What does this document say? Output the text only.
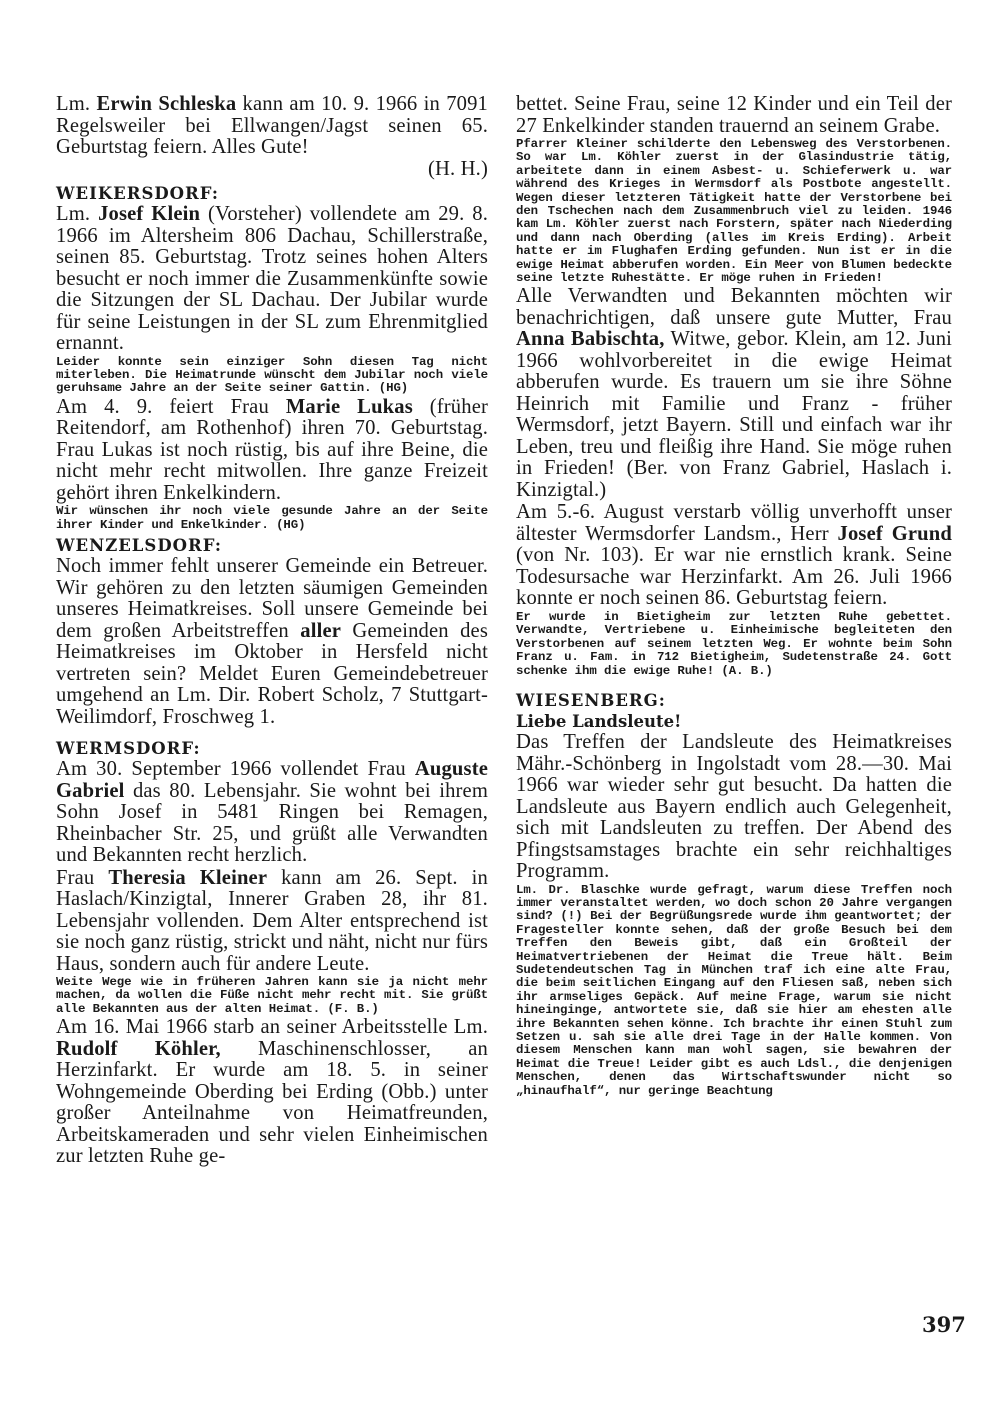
Lm. Erwin Schleska kann am 10. 9. 1966 in 7091 Regelsweiler bei Ellwangen/Jagst seinen 65. Geburtstag feiern. Alles Gute!
(H. H.)

WEIKERSDORF:

Lm. Josef Klein (Vorsteher) vollendete am 29. 8. 1966 im Altersheim 806 Dachau, Schillerstraße, seinen 85. Geburtstag. Trotz seines hohen Alters besucht er noch immer die Zusammenkünfte sowie die Sitzungen der SL Dachau. Der Jubilar wurde für seine Leistungen in der SL zum Ehrenmitglied ernannt.

Leider konnte sein einziger Sohn diesen Tag nicht miterleben. Die Heimatrunde wünscht dem Jubilar noch viele geruhsame Jahre an der Seite seiner Gattin. (HG)

Am 4. 9. feiert Frau Marie Lukas (früher Reitendorf, am Rothenhof) ihren 70. Geburtstag. Frau Lukas ist noch rüstig, bis auf ihre Beine, die nicht mehr recht mitwollen. Ihre ganze Freizeit gehört ihren Enkelkindern.

Wir wünschen ihr noch viele gesunde Jahre an der Seite ihrer Kinder und Enkelkinder. (HG)

WENZELSDORF:

Noch immer fehlt unserer Gemeinde ein Betreuer. Wir gehören zu den letzten säumigen Gemeinden unseres Heimatkreises. Soll unsere Gemeinde bei dem großen Arbeitstreffen aller Gemeinden des Heimatkreises im Oktober in Hersfeld nicht vertreten sein? Meldet Euren Gemeindebetreuer umgehend an Lm. Dir. Robert Scholz, 7 Stuttgart-Weilimdorf, Froschweg 1.

WERMSDORF:

Am 30. September 1966 vollendet Frau Auguste Gabriel das 80. Lebensjahr. Sie wohnt bei ihrem Sohn Josef in 5481 Ringen bei Remagen, Rheinbacher Str. 25, und grüßt alle Verwandten und Bekannten recht herzlich.

Frau Theresia Kleiner kann am 26. Sept. in Haslach/Kinzigtal, Innerer Graben 28, ihr 81. Lebensjahr vollenden. Dem Alter entsprechend ist sie noch ganz rüstig, strickt und näht, nicht nur fürs Haus, sondern auch für andere Leute.

Weite Wege wie in früheren Jahren kann sie ja nicht mehr machen, da wollen die Füße nicht mehr recht mit. Sie grüßt alle Bekannten aus der alten Heimat. (F. B.)

Am 16. Mai 1966 starb an seiner Arbeitsstelle Lm. Rudolf Köhler, Maschinenschlosser, an Herzinfarkt. Er wurde am 18. 5. in seiner Wohngemeinde Oberding bei Erding (Obb.) unter großer Anteilnahme von Heimatfreunden, Arbeitskameraden und sehr vielen Einheimischen zur letzten Ruhe ge-

bettet. Seine Frau, seine 12 Kinder und ein Teil der 27 Enkelkinder standen trauernd an seinem Grabe.

Pfarrer Kleiner schilderte den Lebensweg des Verstorbenen. So war Lm. Köhler zuerst in der Glasindustrie tätig, arbeitete dann in einem Asbest- u. Schieferwerk u. war während des Krieges in Wermsdorf als Postbote angestellt. Wegen dieser letzteren Tätigkeit hatte der Verstorbene bei den Tschechen nach dem Zusammenbruch viel zu leiden. 1946 kam Lm. Köhler zuerst nach Forstern, später nach Niederding und dann nach Oberding (alles im Kreis Erding). Arbeit hatte er im Flughafen Erding gefunden. Nun ist er in die ewige Heimat abberufen worden. Ein Meer von Blumen bedeckte seine letzte Ruhestätte. Er möge ruhen in Frieden!

Alle Verwandten und Bekannten möchten wir benachrichtigen, daß unsere gute Mutter, Frau Anna Babischta, Witwe, gebor. Klein, am 12. Juni 1966 wohlvorbereitet in die ewige Heimat abberufen wurde. Es trauern um sie ihre Söhne Heinrich mit Familie und Franz - früher Wermsdorf, jetzt Bayern. Still und einfach war ihr Leben, treu und fleißig ihre Hand. Sie möge ruhen in Frieden! (Ber. von Franz Gabriel, Haslach i. Kinzigtal.)

Am 5.-6. August verstarb völlig unverhofft unser ältester Wermsdorfer Landsm., Herr Josef Grund (von Nr. 103). Er war nie ernstlich krank. Seine Todesursache war Herzinfarkt. Am 26. Juli 1966 konnte er noch seinen 86. Geburtstag feiern.

Er wurde in Bietigheim zur letzten Ruhe gebettet. Verwandte, Vertriebene u. Einheimische begleiteten den Verstorbenen auf seinem letzten Weg. Er wohnte beim Sohn Franz u. Fam. in 712 Bietigheim, Sudetenstraße 24. Gott schenke ihm die ewige Ruhe! (A. B.)

WIESENBERG:
Liebe Landsleute!

Das Treffen der Landsleute des Heimatkreises Mähr.-Schönberg in Ingolstadt vom 28.—30. Mai 1966 war wieder sehr gut besucht. Da hatten die Landsleute aus Bayern endlich auch Gelegenheit, sich mit Landsleuten zu treffen. Der Abend des Pfingstsamstages brachte ein sehr reichhaltiges Programm.

Lm. Dr. Blaschke wurde gefragt, warum diese Treffen noch immer veranstaltet werden, wo doch schon 20 Jahre vergangen sind? (!) Bei der Begrüßungsrede wurde ihm geantwortet; der Fragesteller konnte sehen, daß der große Besuch bei dem Treffen den Beweis gibt, daß ein Großteil der Heimatvertriebenen der Heimat die Treue hält. Beim Sudetendeutschen Tag in München traf ich eine alte Frau, die beim seitlichen Eingang auf den Fliesen saß, neben sich ihr armseliges Gepäck. Auf meine Frage, warum sie nicht hineinginge, antwortete sie, daß sie hier am ehesten alle ihre Bekannten sehen könne. Ich brachte ihr einen Stuhl zum Setzen u. sah sie alle drei Tage in der Halle kommen. Von diesem Menschen kann man wohl sagen, sie bewahren der Heimat die Treue! Leider gibt es auch Ldsl., die denjenigen Menschen, denen das Wirtschaftswunder nicht so „hinaufhalf“, nur geringe Beachtung

397
